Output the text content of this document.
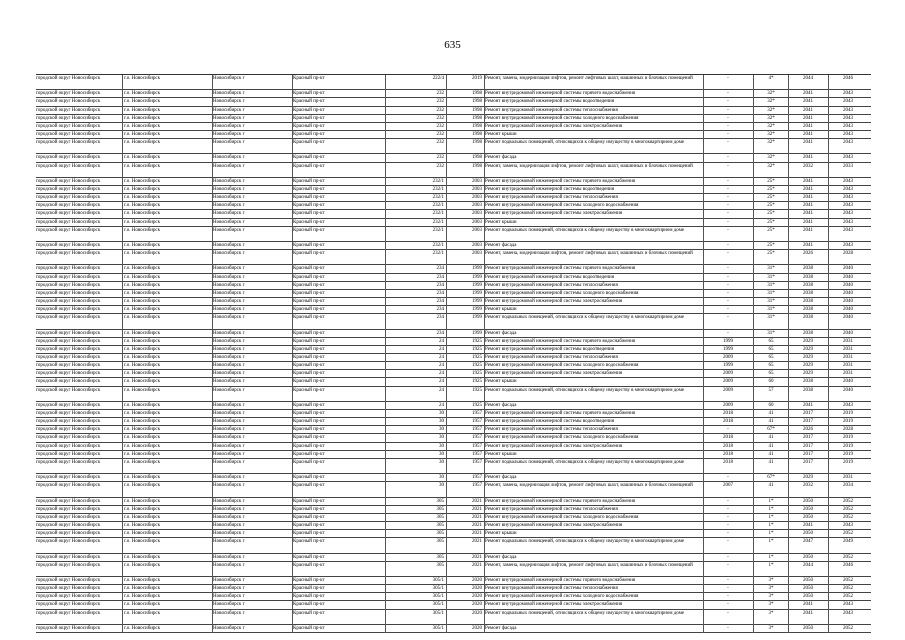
635
городской округ Новосибирск	г.о. Новосибирск	Новосибирск г	Красный пр-кт	222/4	2019 Ремонт, замена, модернизация лифтов, ремонт лифтовых шахт, машинных и блочных помещений	-	4*	2044	2046
городской округ Новосибирск	г.о. Новосибирск	Новосибирск г	Красный пр-кт	232	1998 Ремонт внутридомовой инженерной системы горячего водоснабжения	-	32*	2041	2043
городской округ Новосибирск	г.о. Новосибирск	Новосибирск г	Красный пр-кт	232	1998 Ремонт внутридомовой инженерной системы водоотведения	-	32*	2041	2043
городской округ Новосибирск	г.о. Новосибирск	Новосибирск г	Красный пр-кт	232	1998 Ремонт внутридомовой инженерной системы теплоснабжения	-	32*	2041	2043
городской округ Новосибирск	г.о. Новосибирск	Новосибирск г	Красный пр-кт	232	1998 Ремонт внутридомовой инженерной системы холодного водоснабжения	-	32*	2041	2043
городской округ Новосибирск	г.о. Новосибирск	Новосибирск г	Красный пр-кт	232	1998 Ремонт внутридомовой инженерной системы электроснабжения	-	32*	2041	2043
городской округ Новосибирск	г.о. Новосибирск	Новосибирск г	Красный пр-кт	232	1998 Ремонт крыши	-	32*	2041	2043
городской округ Новосибирск	г.о. Новосибирск	Новосибирск г	Красный пр-кт	232	1998 Ремонт подвальных помещений, относящихся к общему имуществу в многоквартирном доме	-	32*	2041	2043
городской округ Новосибирск	г.о. Новосибирск	Новосибирск г	Красный пр-кт	232	1998 Ремонт фасада	-	32*	2041	2043
городской округ Новосибирск	г.о. Новосибирск	Новосибирск г	Красный пр-кт	232	1998 Ремонт, замена, модернизация лифтов, ремонт лифтовых шахт, машинных и блочных помещений	-	32*	2032	2033
городской округ Новосибирск	г.о. Новосибирск	Новосибирск г	Красный пр-кт	232/1	2003 Ремонт внутридомовой инженерной системы горячего водоснабжения	-	25*	2041	2043
городской округ Новосибирск	г.о. Новосибирск	Новосибирск г	Красный пр-кт	232/1	2003 Ремонт внутридомовой инженерной системы водоотведения	-	25*	2041	2043
городской округ Новосибирск	г.о. Новосибирск	Новосибирск г	Красный пр-кт	232/1	2003 Ремонт внутридомовой инженерной системы теплоснабжения	-	25*	2041	2043
городской округ Новосибирск	г.о. Новосибирск	Новосибирск г	Красный пр-кт	232/1	2003 Ремонт внутридомовой инженерной системы холодного водоснабжения	-	25*	2041	2043
городской округ Новосибирск	г.о. Новосибирск	Новосибирск г	Красный пр-кт	232/1	2003 Ремонт внутридомовой инженерной системы электроснабжения	-	25*	2041	2043
городской округ Новосибирск	г.о. Новосибирск	Новосибирск г	Красный пр-кт	232/1	2003 Ремонт крыши	-	25*	2041	2043
городской округ Новосибирск	г.о. Новосибирск	Новосибирск г	Красный пр-кт	232/1	2003 Ремонт подвальных помещений, относящихся к общему имуществу в многоквартирном доме	-	25*	2041	2043
городской округ Новосибирск	г.о. Новосибирск	Новосибирск г	Красный пр-кт	232/1	2003 Ремонт фасада	-	25*	2041	2043
городской округ Новосибирск	г.о. Новосибирск	Новосибирск г	Красный пр-кт	232/1	2003 Ремонт, замена, модернизация лифтов, ремонт лифтовых шахт, машинных и блочных помещений	-	25*	2026	2028
городской округ Новосибирск	г.о. Новосибирск	Новосибирск г	Красный пр-кт	234	1999 Ремонт внутридомовой инженерной системы горячего водоснабжения	-	31*	2038	2040
городской округ Новосибирск	г.о. Новосибирск	Новосибирск г	Красный пр-кт	234	1999 Ремонт внутридомовой инженерной системы водоотведения	-	31*	2038	2040
городской округ Новосибирск	г.о. Новосибирск	Новосибирск г	Красный пр-кт	234	1999 Ремонт внутридомовой инженерной системы теплоснабжения	-	31*	2038	2040
городской округ Новосибирск	г.о. Новосибирск	Новосибирск г	Красный пр-кт	234	1999 Ремонт внутридомовой инженерной системы холодного водоснабжения	-	31*	2038	2040
городской округ Новосибирск	г.о. Новосибирск	Новосибирск г	Красный пр-кт	234	1999 Ремонт внутридомовой инженерной системы электроснабжения	-	31*	2038	2040
городской округ Новосибирск	г.о. Новосибирск	Новосибирск г	Красный пр-кт	234	1999 Ремонт крыши	-	31*	2038	2040
городской округ Новосибирск	г.о. Новосибирск	Новосибирск г	Красный пр-кт	234	1999 Ремонт подвальных помещений, относящихся к общему имуществу в многоквартирном доме	-	31*	2038	2040
городской округ Новосибирск	г.о. Новосибирск	Новосибирск г	Красный пр-кт	234	1999 Ремонт фасада	-	31*	2038	2040
городской округ Новосибирск	г.о. Новосибирск	Новосибирск г	Красный пр-кт	24	1925 Ремонт внутридомовой инженерной системы горячего водоснабжения	1999	65	2029	2031
городской округ Новосибирск	г.о. Новосибирск	Новосибирск г	Красный пр-кт	24	1925 Ремонт внутридомовой инженерной системы водоотведения	1999	65	2029	2031
городской округ Новосибирск	г.о. Новосибирск	Новосибирск г	Красный пр-кт	24	1925 Ремонт внутридомовой инженерной системы теплоснабжения	2009	65	2029	2031
городской округ Новосибирск	г.о. Новосибирск	Новосибирск г	Красный пр-кт	24	1925 Ремонт внутридомовой инженерной системы холодного водоснабжения	1999	65	2029	2031
городской округ Новосибирск	г.о. Новосибирск	Новосибирск г	Красный пр-кт	24	1925 Ремонт внутридомовой инженерной системы электроснабжения	2009	65	2029	2031
городской округ Новосибирск	г.о. Новосибирск	Новосибирск г	Красный пр-кт	24	1925 Ремонт крыши	2009	60	2038	2040
городской округ Новосибирск	г.о. Новосибирск	Новосибирск г	Красный пр-кт	24	1925 Ремонт подвальных помещений, относящихся к общему имуществу в многоквартирном доме	2009	57	2038	2040
городской округ Новосибирск	г.о. Новосибирск	Новосибирск г	Красный пр-кт	24	1925 Ремонт фасада	2009	60	2041	2043
городской округ Новосибирск	г.о. Новосибирск	Новосибирск г	Красный пр-кт	30	1957 Ремонт внутридомовой инженерной системы горячего водоснабжения	2018	41	2017	2019
городской округ Новосибирск	г.о. Новосибирск	Новосибирск г	Красный пр-кт	30	1957 Ремонт внутридомовой инженерной системы водоотведения	2018	41	2017	2019
городской округ Новосибирск	г.о. Новосибирск	Новосибирск г	Красный пр-кт	30	1957 Ремонт внутридомовой инженерной системы теплоснабжения	-	67*	2026	2028
городской округ Новосибирск	г.о. Новосибирск	Новосибирск г	Красный пр-кт	30	1957 Ремонт внутридомовой инженерной системы холодного водоснабжения	2018	41	2017	2019
городской округ Новосибирск	г.о. Новосибирск	Новосибирск г	Красный пр-кт	30	1957 Ремонт внутридомовой инженерной системы электроснабжения	2018	41	2017	2019
городской округ Новосибирск	г.о. Новосибирск	Новосибирск г	Красный пр-кт	30	1957 Ремонт крыши	2018	41	2017	2019
городской округ Новосибирск	г.о. Новосибирск	Новосибирск г	Красный пр-кт	30	1957 Ремонт подвальных помещений, относящихся к общему имуществу в многоквартирном доме	2018	41	2017	2019
городской округ Новосибирск	г.о. Новосибирск	Новосибирск г	Красный пр-кт	30	1957 Ремонт фасада	-	67*	2029	2031
городской округ Новосибирск	г.о. Новосибирск	Новосибирск г	Красный пр-кт	30	1957 Ремонт, замена, модернизация лифтов, ремонт лифтовых шахт, машинных и блочных помещений	2007	41	2032	2034
городской округ Новосибирск	г.о. Новосибирск	Новосибирск г	Красный пр-кт	305	2021 Ремонт внутридомовой инженерной системы горячего водоснабжения	-	1*	2050	2052
городской округ Новосибирск	г.о. Новосибирск	Новосибирск г	Красный пр-кт	305	2021 Ремонт внутридомовой инженерной системы теплоснабжения	-	1*	2050	2052
городской округ Новосибирск	г.о. Новосибирск	Новосибирск г	Красный пр-кт	305	2021 Ремонт внутридомовой инженерной системы холодного водоснабжения	-	1*	2050	2052
городской округ Новосибирск	г.о. Новосибирск	Новосибирск г	Красный пр-кт	305	2021 Ремонт внутридомовой инженерной системы электроснабжения	-	1*	2041	2043
городской округ Новосибирск	г.о. Новосибирск	Новосибирск г	Красный пр-кт	305	2021 Ремонт крыши	-	1*	2050	2052
городской округ Новосибирск	г.о. Новосибирск	Новосибирск г	Красный пр-кт	305	2021 Ремонт подвальных помещений, относящихся к общему имуществу в многоквартирном доме	-	1*	2047	2049
городской округ Новосибирск	г.о. Новосибирск	Новосибирск г	Красный пр-кт	305	2021 Ремонт фасада	-	1*	2050	2052
городской округ Новосибирск	г.о. Новосибирск	Новосибирск г	Красный пр-кт	305	2021 Ремонт, замена, модернизация лифтов, ремонт лифтовых шахт, машинных и блочных помещений	-	1*	2044	2046
городской округ Новосибирск	г.о. Новосибирск	Новосибирск г	Красный пр-кт	305/1	2020 Ремонт внутридомовой инженерной системы горячего водоснабжения	-	3*	2050	2052
городской округ Новосибирск	г.о. Новосибирск	Новосибирск г	Красный пр-кт	305/1	2020 Ремонт внутридомовой инженерной системы теплоснабжения	-	3*	2050	2052
городской округ Новосибирск	г.о. Новосибирск	Новосибирск г	Красный пр-кт	305/1	2020 Ремонт внутридомовой инженерной системы холодного водоснабжения	-	3*	2050	2052
городской округ Новосибирск	г.о. Новосибирск	Новосибирск г	Красный пр-кт	305/1	2020 Ремонт внутридомовой инженерной системы электроснабжения	-	3*	2041	2043
городской округ Новосибирск	г.о. Новосибирск	Новосибирск г	Красный пр-кт	305/1	2020 Ремонт подвальных помещений, относящихся к общему имуществу в многоквартирном доме	-	3*	2041	2043
городской округ Новосибирск	г.о. Новосибирск	Новосибирск г	Красный пр-кт	305/1	2020 Ремонт фасада	-	3*	2050	2052
